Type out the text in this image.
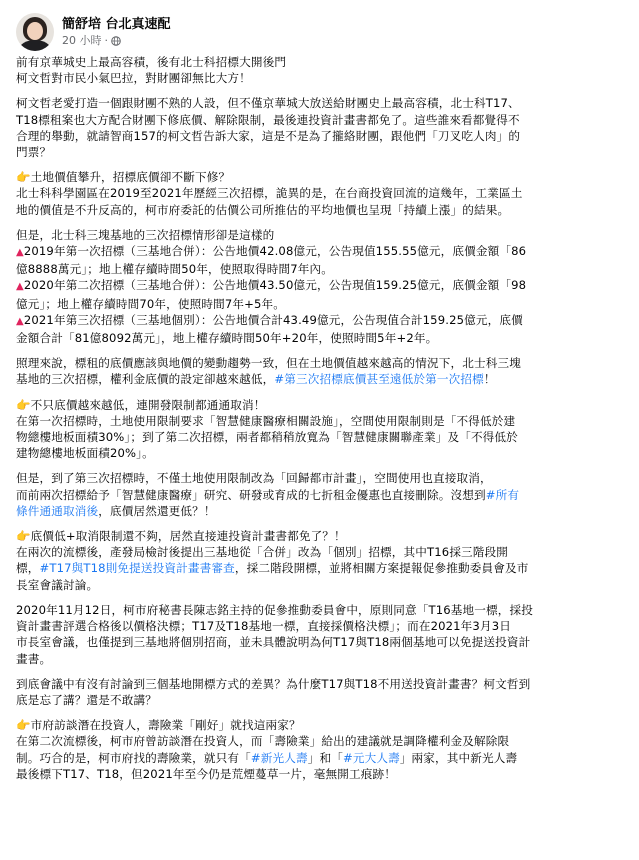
簡舒培 台北真速配
20 小時 ·

前有京華城史上最高容積，後有北士科招標大開後門
柯文哲對市民小氣巴拉，對財團卻無比大方！

柯文哲老愛打造一個跟財團不熟的人設，但不僅京華城大放送給財團史上最高容積，北士科T17、
T18標租案也大方配合財團下修底價、解除限制，最後連投資計畫書都免了。這些誰來看都覺得不
合理的舉動，就請智商157的柯文哲告訴大家，這是不是為了攏絡財團，跟他們「刀叉吃人肉」的
門票？

👉土地價值攀升，招標底價卻不斷下修？
北士科科學園區在2019至2021年歷經三次招標，詭異的是，在台商投資回流的這幾年，工業區土
地的價值是不升反高的，柯市府委託的估價公司所推估的平均地價也呈現「持續上漲」的結果。

但是，北士科三塊基地的三次招標情形卻是這樣的
▲2019年第一次招標（三基地合併）：公告地價42.08億元，公告現值155.55億元，底價金額「86
億8888萬元」；地上權存續時間50年，使照取得時間7年內。
▲2020年第二次招標（三基地合併）：公告地價43.50億元，公告現值159.25億元，底價金額「98
億元」；地上權存續時間70年，使照時間7年+5年。
▲2021年第三次招標（三基地個別）：公告地價合計43.49億元，公告現值合計159.25億元，底價
金額合計「81億8092萬元」，地上權存續時間50年+20年，使照時間5年+2年。

照理來說，標租的底價應該與地價的變動趨勢一致，但在土地價值越來越高的情況下，北士科三塊
基地的三次招標，權利金底價的設定卻越來越低，#第三次招標底價甚至遠低於第一次招標！

👉不只底價越來越低，連開發限制都通通取消！
在第一次招標時，土地使用限制要求「智慧健康醫療相關設施」，空間使用限制則是「不得低於建
物總樓地板面積30%」；到了第二次招標，兩者都稍稍放寬為「智慧健康關聯產業」及「不得低於
建物總樓地板面積20%」。

但是，到了第三次招標時，不僅土地使用限制改為「回歸都市計畫」，空間使用也直接取消，
而前兩次招標給予「智慧健康醫療」研究、研發或育成的七折租金優惠也直接刪除。沒想到#所有
條件通通取消後，底價居然還更低？！

👉底價低+取消限制還不夠，居然直接連投資計畫書都免了？！
在兩次的流標後，產發局檢討後提出三基地從「合併」改為「個別」招標，其中T16採三階段開
標，#T17與T18則免提送投資計畫書審查，採二階段開標，並將相關方案提報促參推動委員會及市
長室會議討論。

2020年11月12日，柯市府秘書長陳志銘主持的促參推動委員會中，原則同意「T16基地一標，採投
資計畫書評選合格後以價格決標；T17及T18基地一標，直接採價格決標」；而在2021年3月3日
市長室會議，也僅提到三基地將個別招商，並未具體說明為何T17與T18兩個基地可以免提送投資計
畫書。

到底會議中有沒有討論到三個基地開標方式的差異？為什麼T17與T18不用送投資計畫書？柯文哲到
底是忘了講？還是不敢講？

👉市府訪談潛在投資人，壽險業「剛好」就找這兩家？
在第二次流標後，柯市府曾訪談潛在投資人，而「壽險業」給出的建議就是調降權利金及解除限
制。巧合的是，柯市府找的壽險業，就只有「#新光人壽」和「#元大人壽」兩家，其中新光人壽
最後標下T17、T18，但2021年至今仍是荒煙蔓草一片，毫無開工痕跡！
